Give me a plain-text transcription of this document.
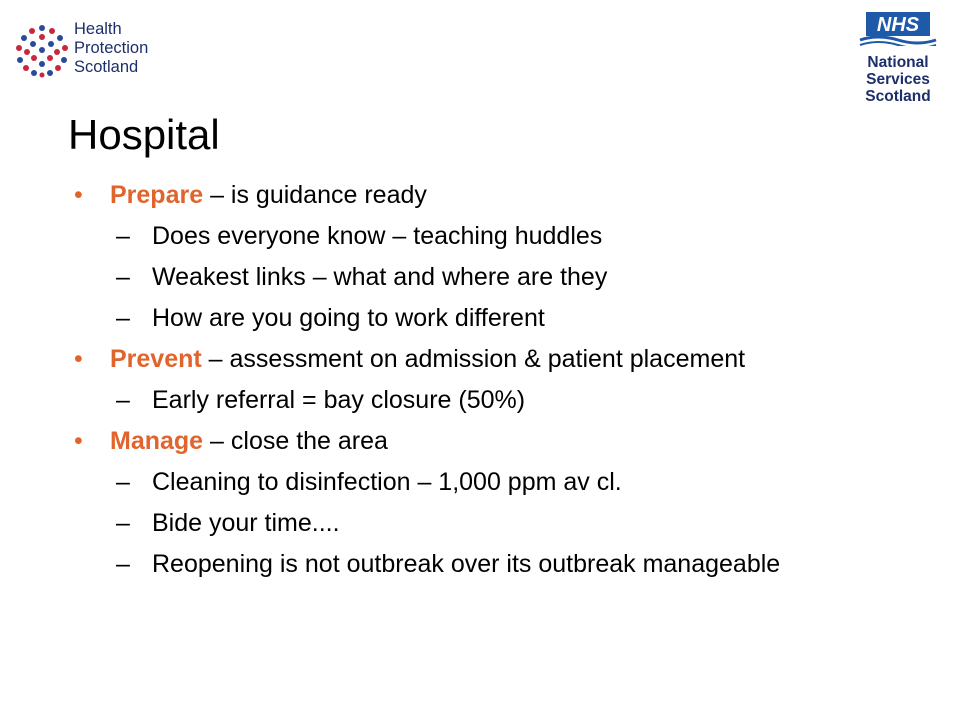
Health
Protection
Scotland
NHS
National
Services
Scotland
Hospital
• Prepare – is guidance ready
– Does everyone know – teaching huddles
– Weakest links – what and where are they
– How are you going to work different
• Prevent – assessment on admission & patient placement
– Early referral = bay closure (50%)
• Manage – close the area
– Cleaning to disinfection – 1,000 ppm av cl.
– Bide your time....
– Reopening is not outbreak over its outbreak manageable
